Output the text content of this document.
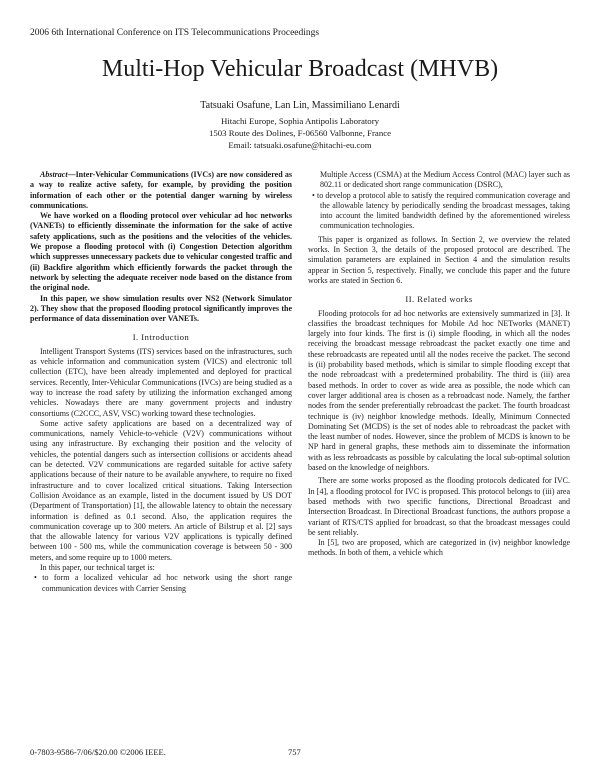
2006 6th International Conference on ITS Telecommunications Proceedings
Multi-Hop Vehicular Broadcast (MHVB)
Tatsuaki Osafune, Lan Lin, Massimiliano Lenardi
Hitachi Europe, Sophia Antipolis Laboratory
1503 Route des Dolines, F-06560 Valbonne, France
Email: tatsuaki.osafune@hitachi-eu.com

Abstract—Inter-Vehicular Communications (IVCs) are now considered as a way to realize active safety, for example, by providing the position information of each other or the potential danger warning by wireless communications.

We have worked on a flooding protocol over vehicular ad hoc networks (VANETs) to efficiently disseminate the information for the sake of active safety applications, such as the positions and the velocities of the vehicles. We propose a flooding protocol with (i) Congestion Detection algorithm which suppresses unnecessary packets due to vehicular congested traffic and (ii) Backfire algorithm which efficiently forwards the packet through the network by selecting the adequate receiver node based on the distance from the original node.

In this paper, we show simulation results over NS2 (Network Simulator 2). They show that the proposed flooding protocol significantly improves the performance of data dissemination over VANETs.

I. Introduction

Intelligent Transport Systems (ITS) services based on the infrastructures, such as vehicle information and communication system (VICS) and electronic toll collection (ETC), have been already implemented and deployed for practical services. Recently, Inter-Vehicular Communications (IVCs) are being studied as a way to increase the road safety by utilizing the information exchanged among vehicles. Nowadays there are many government projects and industry consortiums (C2CCC, ASV, VSC) working toward these technologies.

Some active safety applications are based on a decentralized way of communications, namely Vehicle-to-vehicle (V2V) communications without using any infrastructure. By exchanging their position and the velocity of vehicles, the potential dangers such as intersection collisions or accidents ahead can be detected. V2V communications are regarded suitable for active safety applications because of their nature to be available anywhere, to require no fixed infrastructure and to cover localized critical situations. Taking Intersection Collision Avoidance as an example, listed in the document issued by US DOT (Department of Transportation) [1], the allowable latency to obtain the necessary information is defined as 0.1 second. Also, the application requires the communication coverage up to 300 meters. An article of Bilstrup et al. [2] says that the allowable latency for various V2V applications is typically defined between 100 - 500 ms, while the communication coverage is between 50 - 300 meters, and some require up to 1000 meters.

In this paper, our technical target is:

• to form a localized vehicular ad hoc network using the short range communication devices with Carrier Sensing

Multiple Access (CSMA) at the Medium Access Control (MAC) layer such as 802.11 or dedicated short range communication (DSRC),

• to develop a protocol able to satisfy the required communication coverage and the allowable latency by periodically sending the broadcast messages, taking into account the limited bandwidth defined by the aforementioned wireless communication technologies.

This paper is organized as follows. In Section 2, we overview the related works. In Section 3, the details of the proposed protocol are described. The simulation parameters are explained in Section 4 and the simulation results appear in Section 5, respectively. Finally, we conclude this paper and the future works are stated in Section 6.

II. Related works

Flooding protocols for ad hoc networks are extensively summarized in [3]. It classifies the broadcast techniques for Mobile Ad hoc NETworks (MANET) largely into four kinds. The first is (i) simple flooding, in which all the nodes receiving the broadcast message rebroadcast the packet exactly one time and these rebroadcasts are repeated until all the nodes receive the packet. The second is (ii) probability based methods, which is similar to simple flooding except that the node rebroadcast with a predetermined probability. The third is (iii) area based methods. In order to cover as wide area as possible, the node which can cover larger additional area is chosen as a rebroadcast node. Namely, the farther nodes from the sender preferentially rebroadcast the packet. The fourth broadcast technique is (iv) neighbor knowledge methods. Ideally, Minimum Connected Dominating Set (MCDS) is the set of nodes able to rebroadcast the packet with the least number of nodes. However, since the problem of MCDS is known to be NP hard in general graphs, these methods aim to disseminate the information with as less rebroadcasts as possible by calculating the local sub-optimal solution based on the knowledge of neighbors.

There are some works proposed as the flooding protocols dedicated for IVC. In [4], a flooding protocol for IVC is proposed. This protocol belongs to (iii) area based methods with two specific functions, Directional Broadcast and Intersection Broadcast. In Directional Broadcast functions, the authors propose a variant of RTS/CTS applied for broadcast, so that the broadcast messages could be sent reliably.

In [5], two are proposed, which are categorized in (iv) neighbor knowledge methods. In both of them, a vehicle which

0-7803-9586-7/06/$20.00 ©2006 IEEE.	757
